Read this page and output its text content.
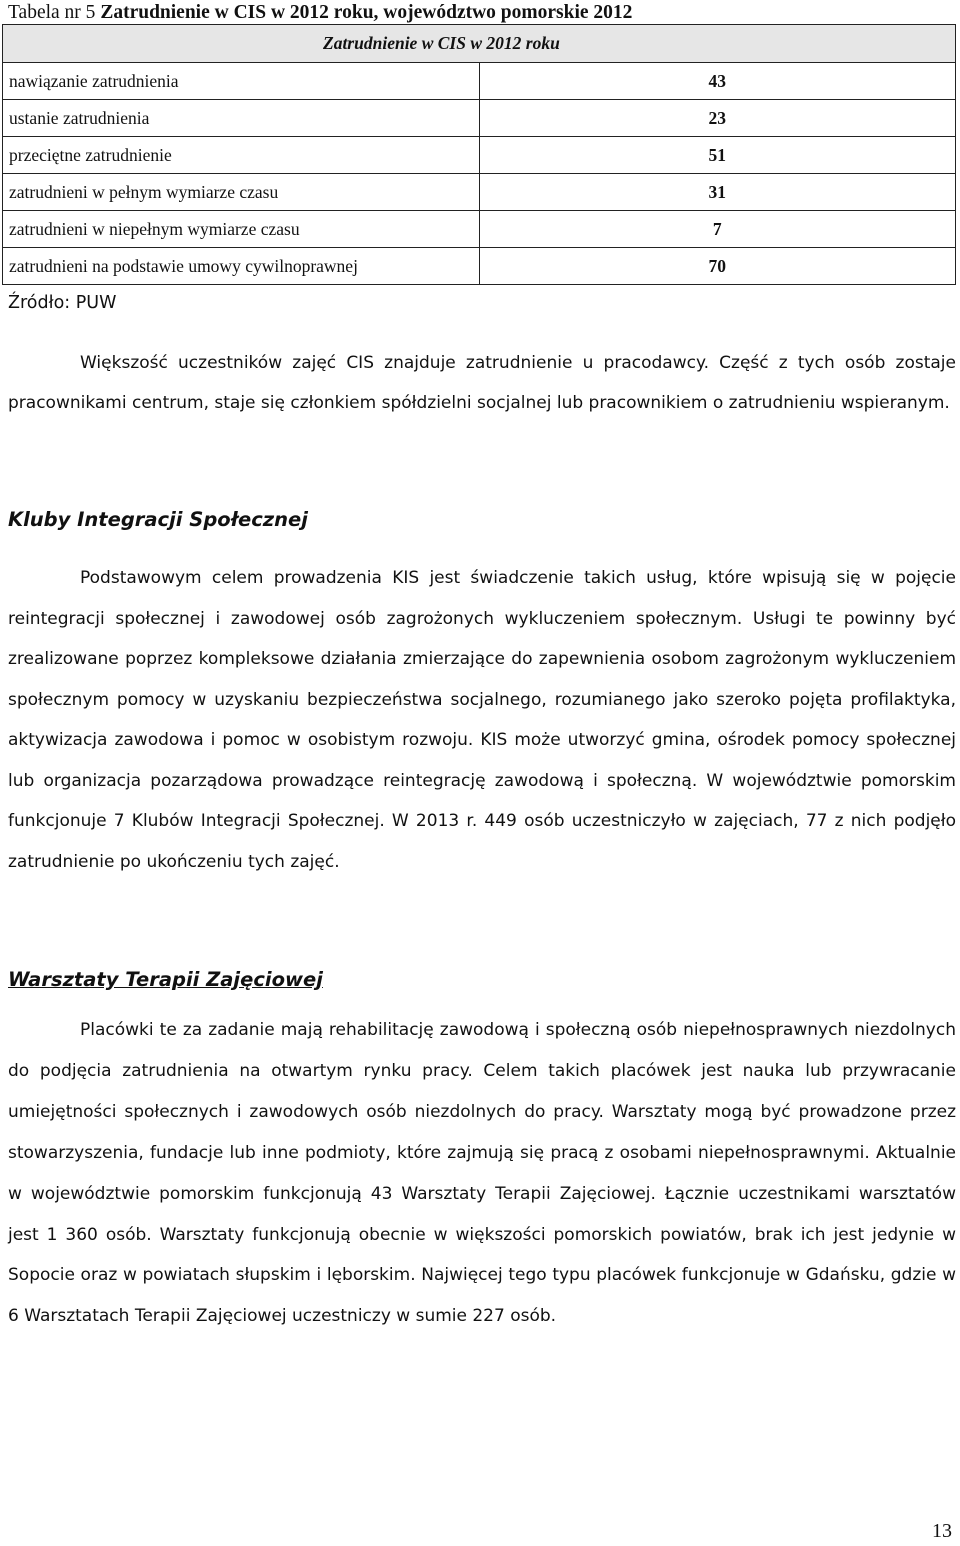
Tabela nr 5 Zatrudnienie w CIS w 2012 roku, województwo pomorskie 2012
Zatrudnienie w CIS w 2012 roku	
nawiązanie zatrudnienia	43
ustanie zatrudnienia	23
przeciętne zatrudnienie	51
zatrudnieni w pełnym wymiarze czasu	31
zatrudnieni w niepełnym wymiarze czasu	7
zatrudnieni na podstawie umowy cywilnoprawnej	70
Źródło: PUW

Większość uczestników zajęć CIS znajduje zatrudnienie u pracodawcy. Część z tych osób zostaje pracownikami centrum, staje się członkiem spółdzielni socjalnej lub pracownikiem o zatrudnieniu wspieranym.

Kluby Integracji Społecznej

Podstawowym celem prowadzenia KIS jest świadczenie takich usług, które wpisują się w pojęcie reintegracji społecznej i zawodowej osób zagrożonych wykluczeniem społecznym. Usługi te powinny być zrealizowane poprzez kompleksowe działania zmierzające do zapewnienia osobom zagrożonym wykluczeniem społecznym pomocy w uzyskaniu bezpieczeństwa socjalnego, rozumianego jako szeroko pojęta profilaktyka, aktywizacja zawodowa i pomoc w osobistym rozwoju. KIS może utworzyć gmina, ośrodek pomocy społecznej lub organizacja pozarządowa prowadzące reintegrację zawodową i społeczną. W województwie pomorskim funkcjonuje 7 Klubów Integracji Społecznej. W 2013 r. 449 osób uczestniczyło w zajęciach, 77 z nich podjęło zatrudnienie po ukończeniu tych zajęć.

Warsztaty Terapii Zajęciowej

Placówki te za zadanie mają rehabilitację zawodową i społeczną osób niepełnosprawnych niezdolnych do podjęcia zatrudnienia na otwartym rynku pracy. Celem takich placówek jest nauka lub przywracanie umiejętności społecznych i zawodowych osób niezdolnych do pracy. Warsztaty mogą być prowadzone przez stowarzyszenia, fundacje lub inne podmioty, które zajmują się pracą z osobami niepełnosprawnymi. Aktualnie w województwie pomorskim funkcjonują 43 Warsztaty Terapii Zajęciowej. Łącznie uczestnikami warsztatów jest 1 360 osób. Warsztaty funkcjonują obecnie w większości pomorskich powiatów, brak ich jest jedynie w Sopocie oraz w powiatach słupskim i lęborskim. Najwięcej tego typu placówek funkcjonuje w Gdańsku, gdzie w 6 Warsztatach Terapii Zajęciowej uczestniczy w sumie 227 osób.

13
